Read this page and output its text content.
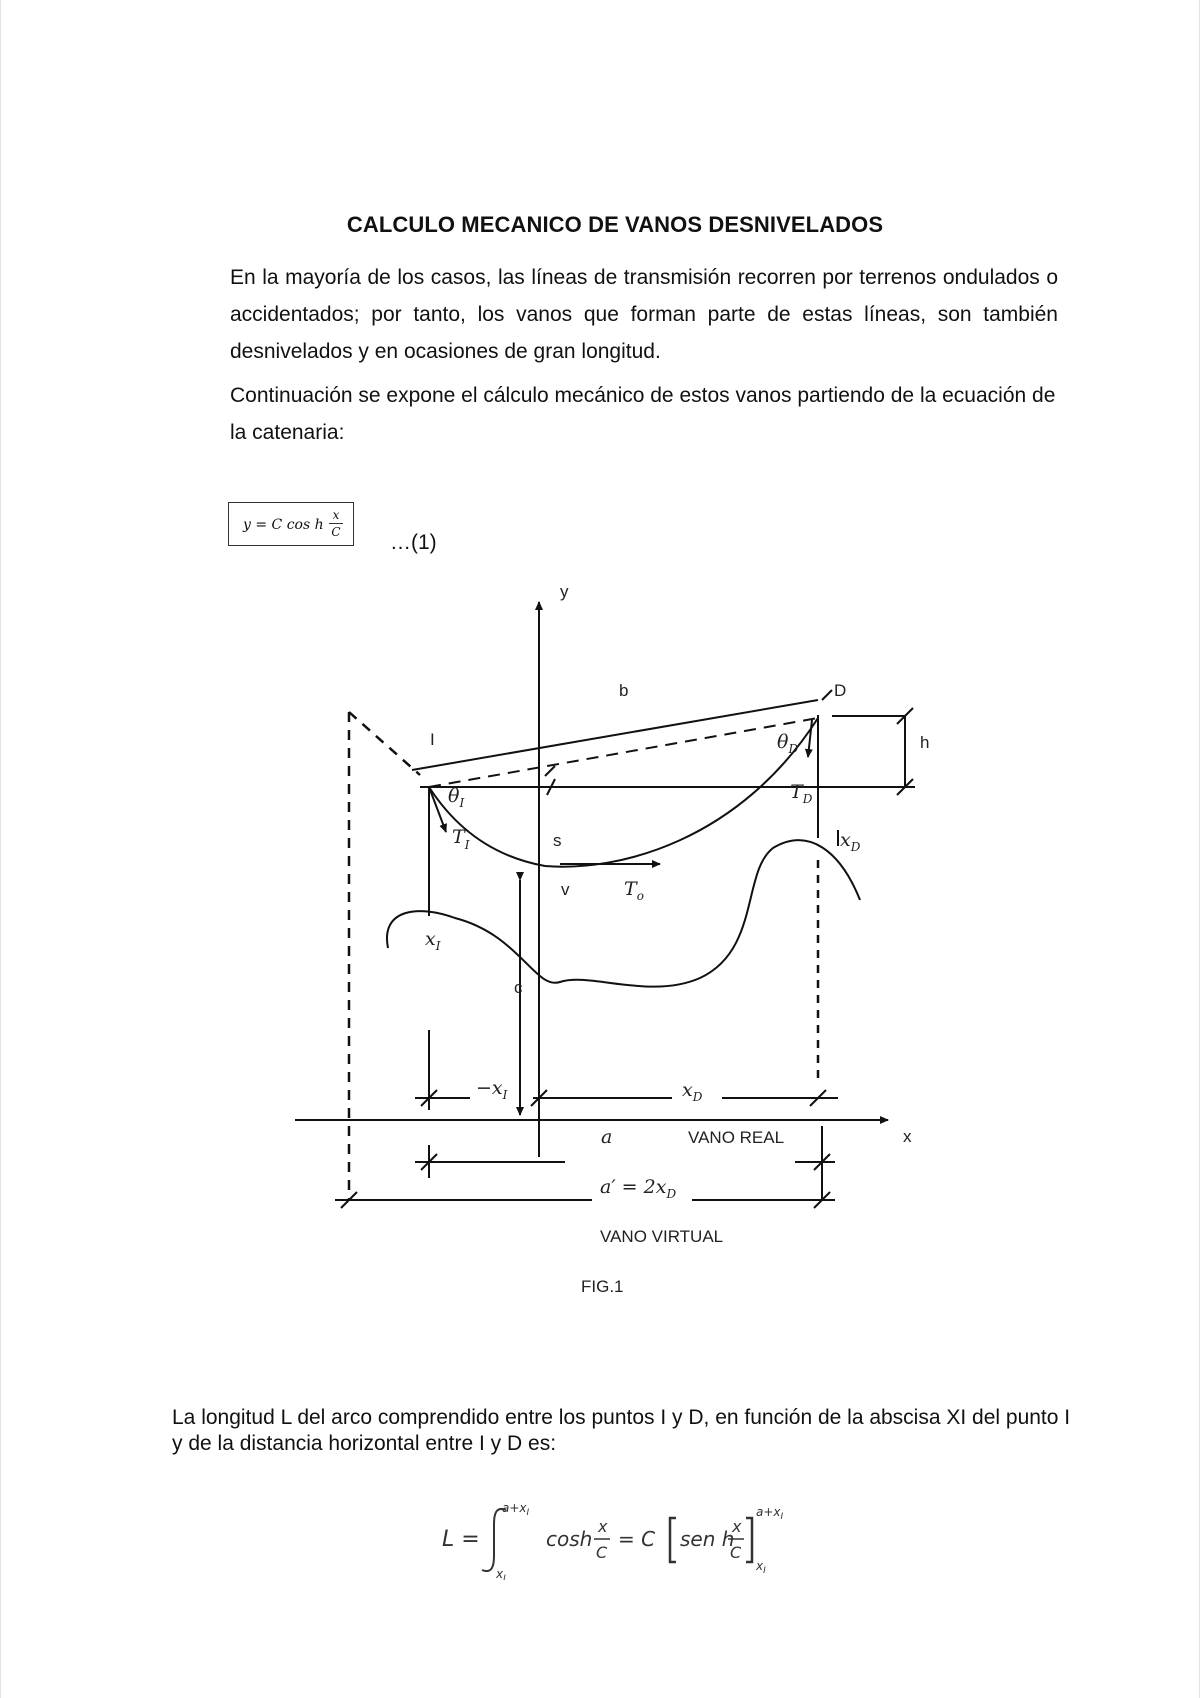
CALCULO MECANICO DE VANOS DESNIVELADOS
En la mayoría de los casos, las líneas de transmisión recorren por terrenos ondulados o accidentados; por tanto, los vanos que forman parte de estas líneas, son también desnivelados y en ocasiones de gran longitud.
Continuación se expone el cálculo mecánico de estos vanos partiendo de la ecuación de la catenaria:
y = C cos h
x
C …(1)
y
x
b	D
I	h
s
v
c
$\theta_I$
$\theta_D$
$T_I$
$T_D$
$T_o$
$x_I$
$x_D$
$-x_I$	$x_D$
a	VANO REAL
$a' = 2x_D$
VANO VIRTUAL
FIG.1
La longitud L del arco comprendido entre los puntos I y D, en función de la abscisa XI del punto I y de la distancia horizontal entre I y D es:
L =
$a+x_I$
$x_I$
cosh
x
C
= C sen h
x
C
$a+x_I$
$x_I$
